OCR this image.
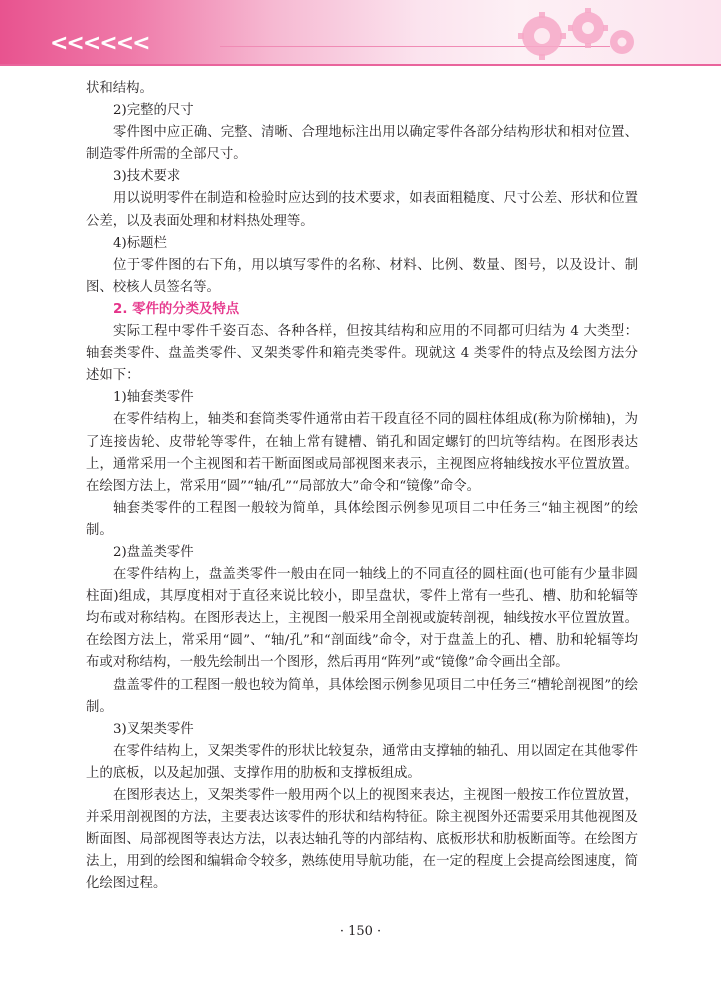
<<<<<<

状和结构。

2)完整的尺寸

零件图中应正确、完整、清晰、合理地标注出用以确定零件各部分结构形状和相对位置、制造零件所需的全部尺寸。

3)技术要求

用以说明零件在制造和检验时应达到的技术要求，如表面粗糙度、尺寸公差、形状和位置公差，以及表面处理和材料热处理等。

4)标题栏

位于零件图的右下角，用以填写零件的名称、材料、比例、数量、图号，以及设计、制图、校核人员签名等。

2. 零件的分类及特点

实际工程中零件千姿百态、各种各样，但按其结构和应用的不同都可归结为 4 大类型：轴套类零件、盘盖类零件、叉架类零件和箱壳类零件。现就这 4 类零件的特点及绘图方法分述如下：

1)轴套类零件

在零件结构上，轴类和套筒类零件通常由若干段直径不同的圆柱体组成(称为阶梯轴)，为了连接齿轮、皮带轮等零件，在轴上常有键槽、销孔和固定螺钉的凹坑等结构。在图形表达上，通常采用一个主视图和若干断面图或局部视图来表示，主视图应将轴线按水平位置放置。在绘图方法上，常采用“圆”“轴/孔”“局部放大”命令和“镜像”命令。

轴套类零件的工程图一般较为简单，具体绘图示例参见项目二中任务三“轴主视图”的绘制。

2)盘盖类零件

在零件结构上，盘盖类零件一般由在同一轴线上的不同直径的圆柱面(也可能有少量非圆柱面)组成，其厚度相对于直径来说比较小，即呈盘状，零件上常有一些孔、槽、肋和轮辐等均布或对称结构。在图形表达上，主视图一般采用全剖视或旋转剖视，轴线按水平位置放置。在绘图方法上，常采用“圆”、“轴/孔”和“剖面线”命令，对于盘盖上的孔、槽、肋和轮辐等均布或对称结构，一般先绘制出一个图形，然后再用“阵列”或“镜像”命令画出全部。

盘盖零件的工程图一般也较为简单，具体绘图示例参见项目二中任务三“槽轮剖视图”的绘制。

3)叉架类零件

在零件结构上，叉架类零件的形状比较复杂，通常由支撑轴的轴孔、用以固定在其他零件上的底板，以及起加强、支撑作用的肋板和支撑板组成。

在图形表达上，叉架类零件一般用两个以上的视图来表达，主视图一般按工作位置放置，并采用剖视图的方法，主要表达该零件的形状和结构特征。除主视图外还需要采用其他视图及断面图、局部视图等表达方法，以表达轴孔等的内部结构、底板形状和肋板断面等。在绘图方法上，用到的绘图和编辑命令较多，熟练使用导航功能，在一定的程度上会提高绘图速度，简化绘图过程。

· 150 ·
